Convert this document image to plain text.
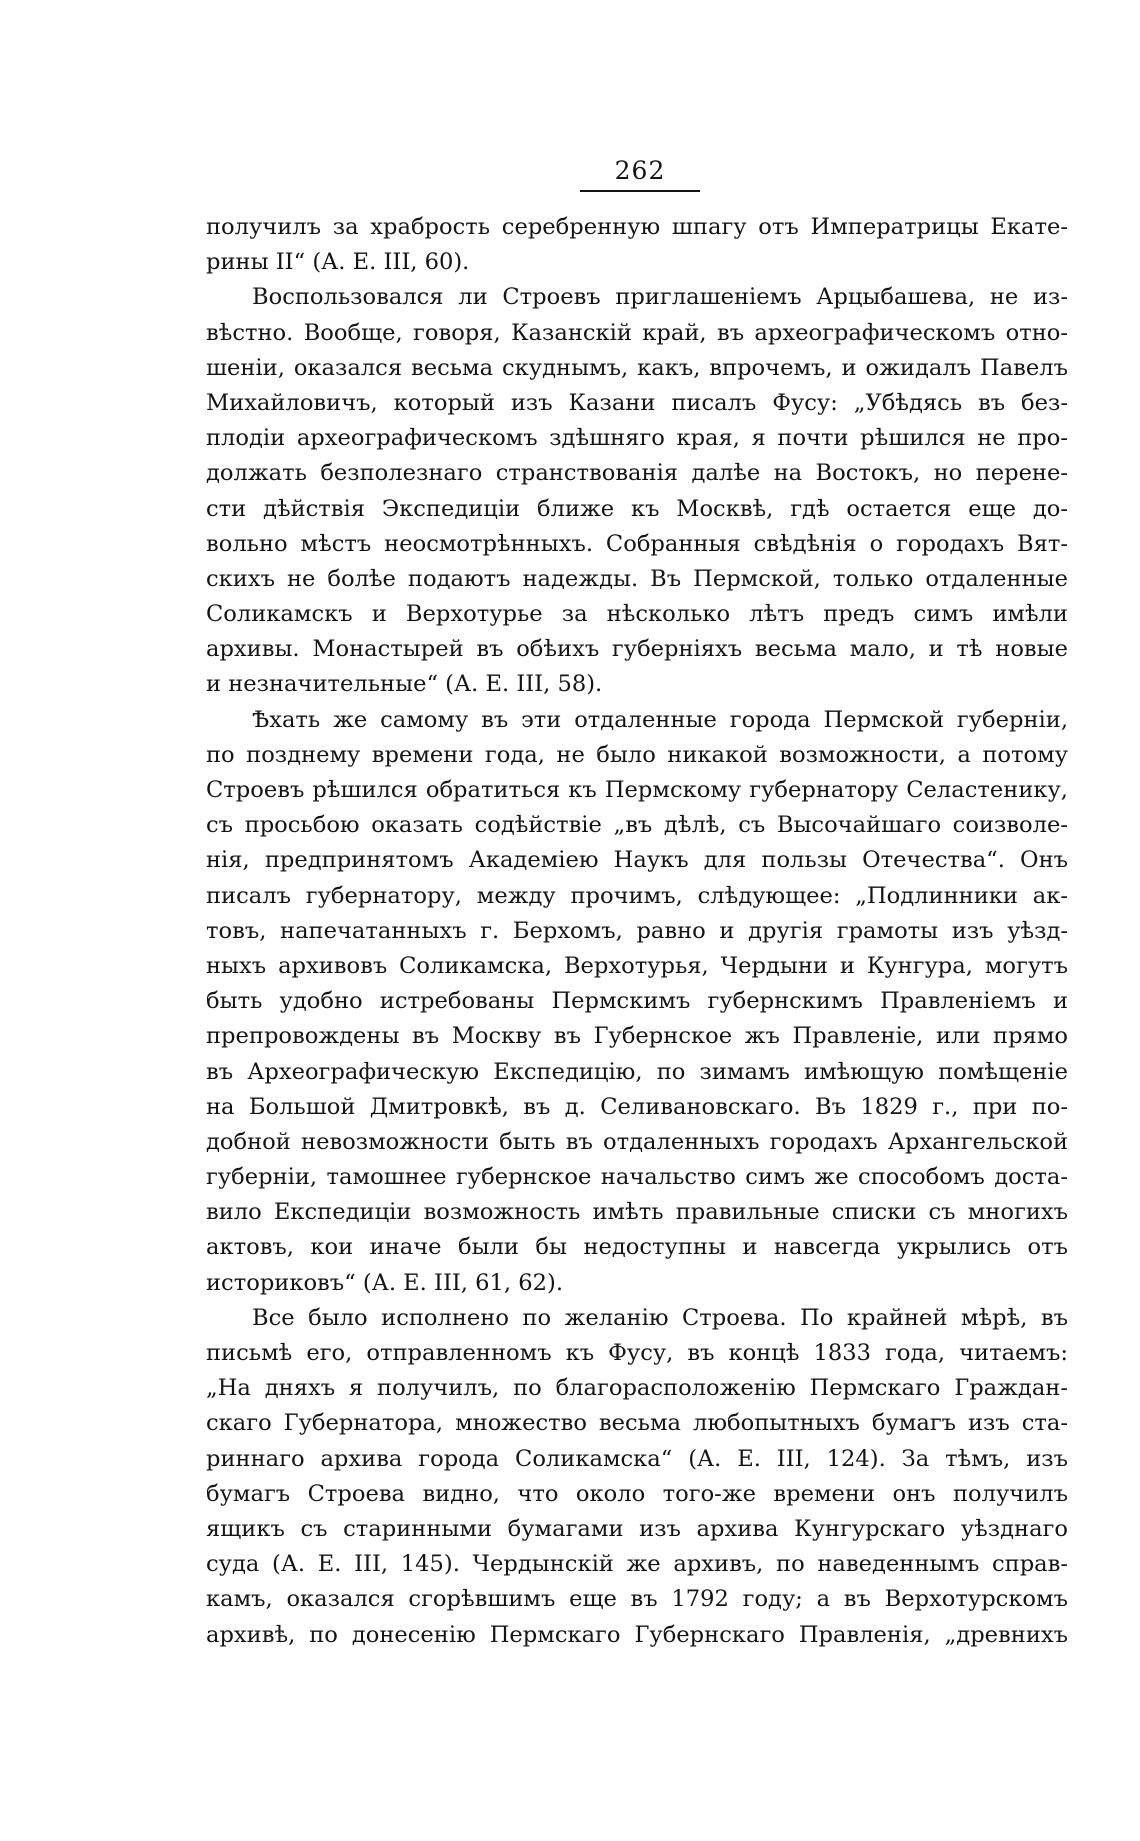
262
получилъ за храбрость серебренную шпагу отъ Императрицы Екате-
рины II“ (А. Е. III, 60).
Воспользовался ли Строевъ приглашеніемъ Арцыбашева, не из-
вѣстно. Вообще, говоря, Казанскій край, въ археографическомъ отно-
шеніи, оказался весьма скуднымъ, какъ, впрочемъ, и ожидалъ Павелъ
Михайловичъ, который изъ Казани писалъ Фусу: „Убѣдясь въ без-
плодіи археографическомъ здѣшняго края, я почти рѣшился не про-
должать безполезнаго странствованія далѣе на Востокъ, но перене-
сти дѣйствія Экспедиціи ближе къ Москвѣ, гдѣ остается еще до-
вольно мѣстъ неосмотрѣнныхъ. Собранныя свѣдѣнія о городахъ Вят-
скихъ не болѣе подаютъ надежды. Въ Пермской, только отдаленные
Соликамскъ и Верхотурье за нѣсколько лѣтъ предъ симъ имѣли
архивы. Монастырей въ обѣихъ губерніяхъ весьма мало, и тѣ новые
и незначительные“ (А. Е. III, 58).
Ѣхать же самому въ эти отдаленные города Пермской губерніи,
по позднему времени года, не было никакой возможности, а потому
Строевъ рѣшился обратиться къ Пермскому губернатору Селастенику,
съ просьбою оказать содѣйствіе „въ дѣлѣ, съ Высочайшаго соизволе-
нія, предпринятомъ Академіею Наукъ для пользы Отечества“. Онъ
писалъ губернатору, между прочимъ, слѣдующее: „Подлинники ак-
товъ, напечатанныхъ г. Берхомъ, равно и другія грамоты изъ уѣзд-
ныхъ архивовъ Соликамска, Верхотурья, Чердыни и Кунгура, могутъ
быть удобно истребованы Пермскимъ губернскимъ Правленіемъ и
препровождены въ Москву въ Губернское жъ Правленіе, или прямо
въ Археографическую Експедицію, по зимамъ имѣющую помѣщеніе
на Большой Дмитровкѣ, въ д. Селивановскаго. Въ 1829 г., при по-
добной невозможности быть въ отдаленныхъ городахъ Архангельской
губерніи, тамошнее губернское начальство симъ же способомъ доста-
вило Експедиціи возможность имѣть правильные списки съ многихъ
актовъ, кои иначе были бы недоступны и навсегда укрылись отъ
историковъ“ (А. Е. III, 61, 62).
Все было исполнено по желанію Строева. По крайней мѣрѣ, въ
письмѣ его, отправленномъ къ Фусу, въ концѣ 1833 года, читаемъ:
„На дняхъ я получилъ, по благорасположенію Пермскаго Граждан-
скаго Губернатора, множество весьма любопытныхъ бумагъ изъ ста-
риннаго архива города Соликамска“ (А. Е. III, 124). За тѣмъ, изъ
бумагъ Строева видно, что около того-же времени онъ получилъ
ящикъ съ старинными бумагами изъ архива Кунгурскаго уѣзднаго
суда (А. Е. III, 145). Чердынскій же архивъ, по наведеннымъ справ-
камъ, оказался сгорѣвшимъ еще въ 1792 году; а въ Верхотурскомъ
архивѣ, по донесенію Пермскаго Губернскаго Правленія, „древнихъ
